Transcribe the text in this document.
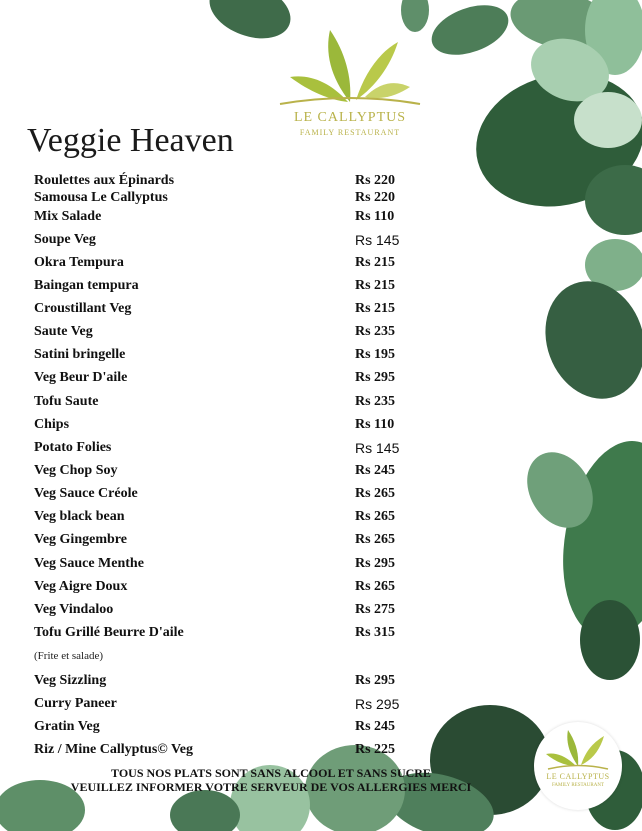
LE CALLYPTUS
FAMILY RESTAURANT
Veggie Heaven
Roulettes aux Épinards	Rs 220
Samousa Le Callyptus	Rs 220
Mix Salade	Rs 110
Soupe Veg	Rs 145
Okra Tempura	Rs 215
Baingan tempura	Rs 215
Croustillant Veg	Rs 215
Saute Veg	Rs 235
Satini bringelle	Rs 195
Veg Beur D'aile	Rs 295
Tofu Saute	Rs 235
Chips	Rs 110
Potato Folies	Rs 145
Veg Chop Soy	Rs 245
Veg Sauce Créole	Rs 265
Veg black bean	Rs 265
Veg Gingembre	Rs 265
Veg Sauce Menthe	Rs 295
Veg Aigre Doux	Rs 265
Veg Vindaloo	Rs 275
Tofu Grillé Beurre D'aile	Rs 315
Veg Sizzling	Rs 295
Curry Paneer	Rs 295
Gratin Veg	Rs 245
Riz / Mine Callyptus© Veg	Rs 225
(Frite et salade)
TOUS NOS PLATS SONT SANS ALCOOL ET SANS SUCRE
VEUILLEZ INFORMER VOTRE SERVEUR DE VOS ALLERGIES MERCI
LE CALLYPTUS
FAMILY RESTAURANT
